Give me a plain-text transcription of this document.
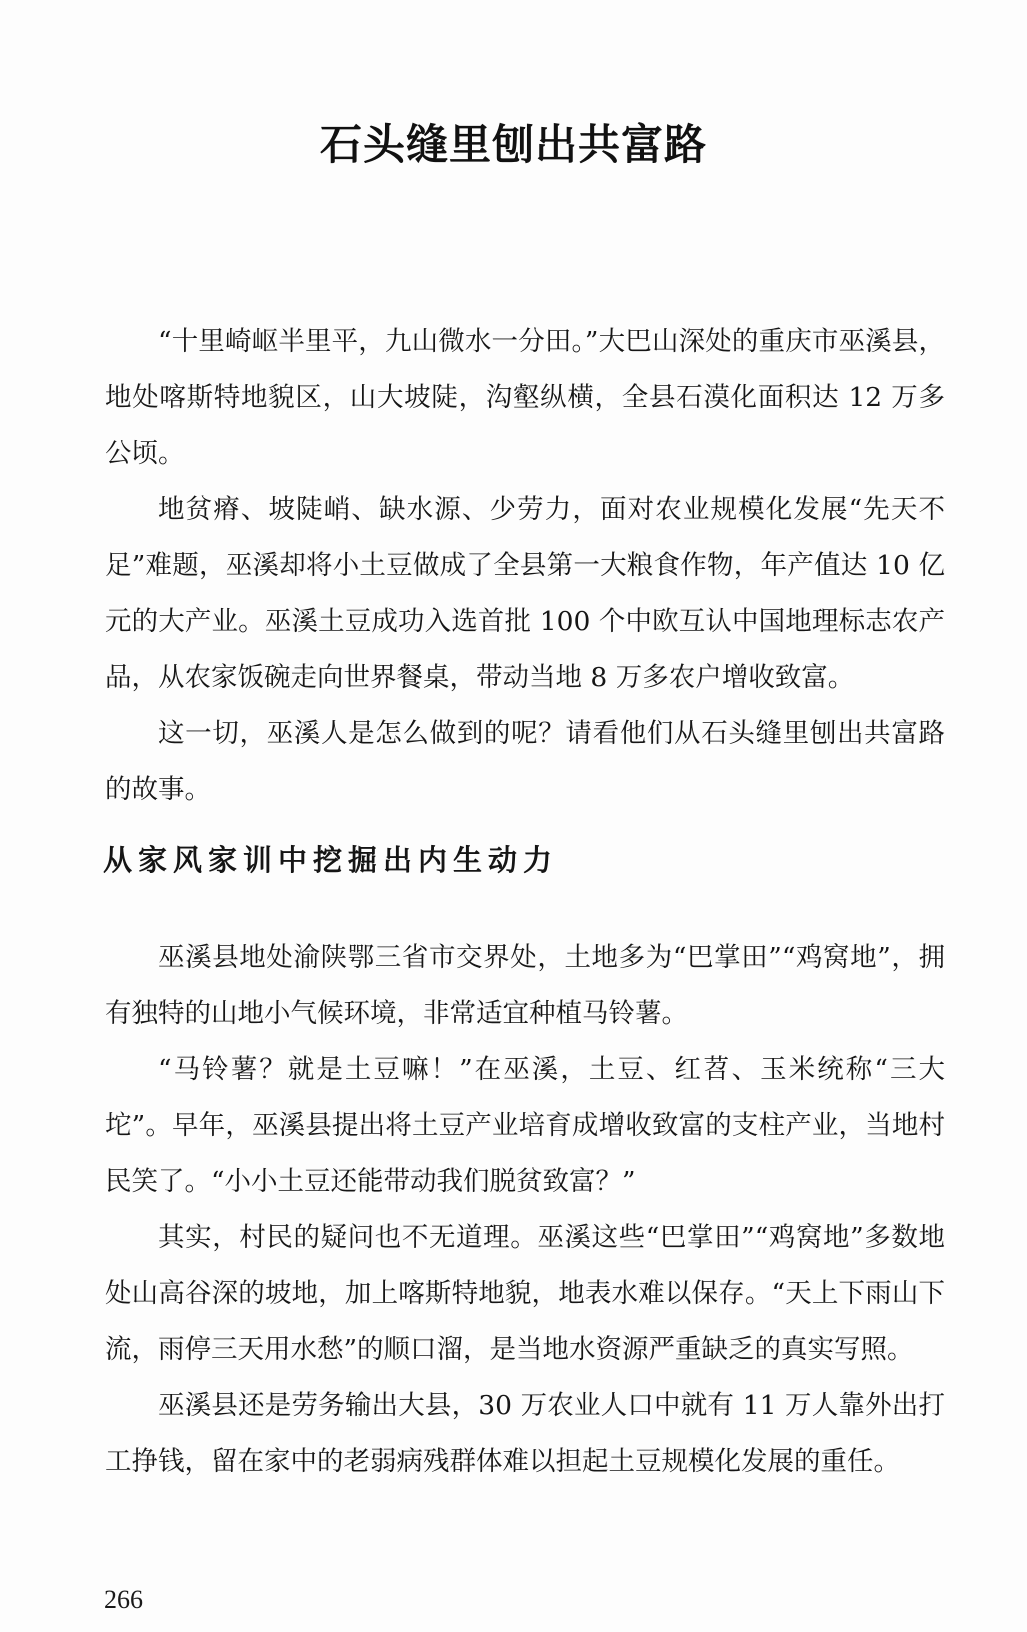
石头缝里刨出共富路

“十里崎岖半里平，九山微水一分田。”大巴山深处的重庆市巫溪县，地处喀斯特地貌区，山大坡陡，沟壑纵横，全县石漠化面积达 12 万多公顷。

地贫瘠、坡陡峭、缺水源、少劳力，面对农业规模化发展“先天不足”难题，巫溪却将小土豆做成了全县第一大粮食作物，年产值达 10 亿元的大产业。巫溪土豆成功入选首批 100 个中欧互认中国地理标志农产品，从农家饭碗走向世界餐桌，带动当地 8 万多农户增收致富。

这一切，巫溪人是怎么做到的呢？请看他们从石头缝里刨出共富路的故事。

从家风家训中挖掘出内生动力

巫溪县地处渝陕鄂三省市交界处，土地多为“巴掌田”“鸡窝地”，拥有独特的山地小气候环境，非常适宜种植马铃薯。

“马铃薯？就是土豆嘛！”在巫溪，土豆、红苕、玉米统称“三大坨”。早年，巫溪县提出将土豆产业培育成增收致富的支柱产业，当地村民笑了。“小小土豆还能带动我们脱贫致富？”

其实，村民的疑问也不无道理。巫溪这些“巴掌田”“鸡窝地”多数地处山高谷深的坡地，加上喀斯特地貌，地表水难以保存。“天上下雨山下流，雨停三天用水愁”的顺口溜，是当地水资源严重缺乏的真实写照。

巫溪县还是劳务输出大县，30 万农业人口中就有 11 万人靠外出打工挣钱，留在家中的老弱病残群体难以担起土豆规模化发展的重任。

266
